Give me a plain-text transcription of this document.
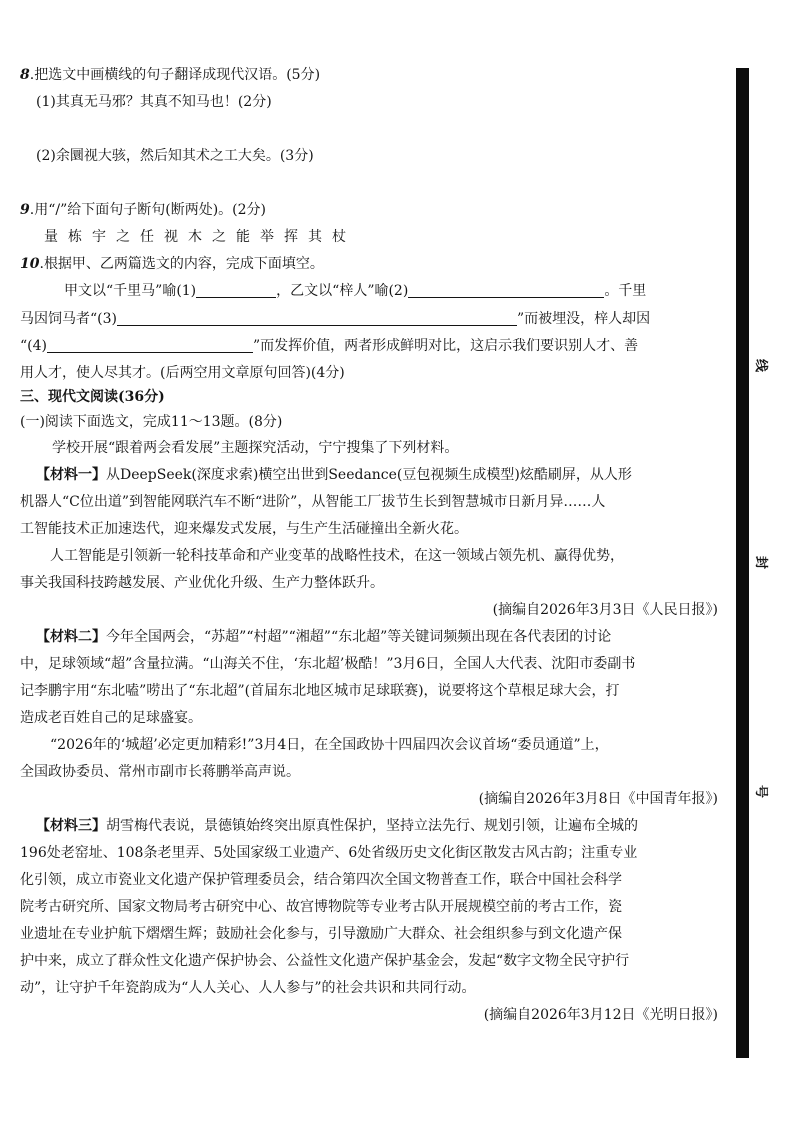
8.把选文中画横线的句子翻译成现代汉语。(5分)
(1)其真无马邪？其真不知马也！(2分)
(2)余圜视大骇，然后知其术之工大矣。(3分)
9.用“/”给下面句子断句(断两处)。(2分)
量栋宇之任视木之能举挥其杖
10.根据甲、乙两篇选文的内容，完成下面填空。
甲文以“千里马”喻(1)	，乙文以“梓人”喻(2)	。千里
马因饲马者“(3)	”而被埋没，梓人却因
“(4)	”而发挥价值，两者形成鲜明对比，这启示我们要识别人才、善
用人才，使人尽其才。(后两空用文章原句回答)(4分)
三、现代文阅读(36分)
(一)阅读下面选文，完成11～13题。(8分)
学校开展“跟着两会看发展”主题探究活动，宁宁搜集了下列材料。
【材料一】从DeepSeek(深度求索)横空出世到Seedance(豆包视频生成模型)炫酷刷屏，从人形
机器人“C位出道”到智能网联汽车不断“进阶”，从智能工厂拔节生长到智慧城市日新月异……人
工智能技术正加速迭代，迎来爆发式发展，与生产生活碰撞出全新火花。
人工智能是引领新一轮科技革命和产业变革的战略性技术，在这一领域占领先机、赢得优势，
事关我国科技跨越发展、产业优化升级、生产力整体跃升。
(摘编自2026年3月3日《人民日报》)
【材料二】今年全国两会，“苏超”“村超”“湘超”“东北超”等关键词频频出现在各代表团的讨论
中，足球领域“超”含量拉满。“山海关不住，‘东北超’极酷！”3月6日，全国人大代表、沈阳市委副书
记李鹏宇用“东北嗑”唠出了“东北超”(首届东北地区城市足球联赛)，说要将这个草根足球大会，打
造成老百姓自己的足球盛宴。
“2026年的‘城超’必定更加精彩!”3月4日，在全国政协十四届四次会议首场“委员通道”上，
全国政协委员、常州市副市长蒋鹏举高声说。
(摘编自2026年3月8日《中国青年报》)
【材料三】胡雪梅代表说，景德镇始终突出原真性保护，坚持立法先行、规划引领，让遍布全城的
196处老窑址、108条老里弄、5处国家级工业遗产、6处省级历史文化街区散发古风古韵；注重专业
化引领，成立市瓷业文化遗产保护管理委员会，结合第四次全国文物普查工作，联合中国社会科学
院考古研究所、国家文物局考古研究中心、故宫博物院等专业考古队开展规模空前的考古工作，瓷
业遗址在专业护航下熠熠生辉；鼓励社会化参与，引导激励广大群众、社会组织参与到文化遗产保
护中来，成立了群众性文化遗产保护协会、公益性文化遗产保护基金会，发起“数字文物全民守护行
动”，让守护千年瓷韵成为“人人关心、人人参与”的社会共识和共同行动。
(摘编自2026年3月12日《光明日报》)
线
封
号
